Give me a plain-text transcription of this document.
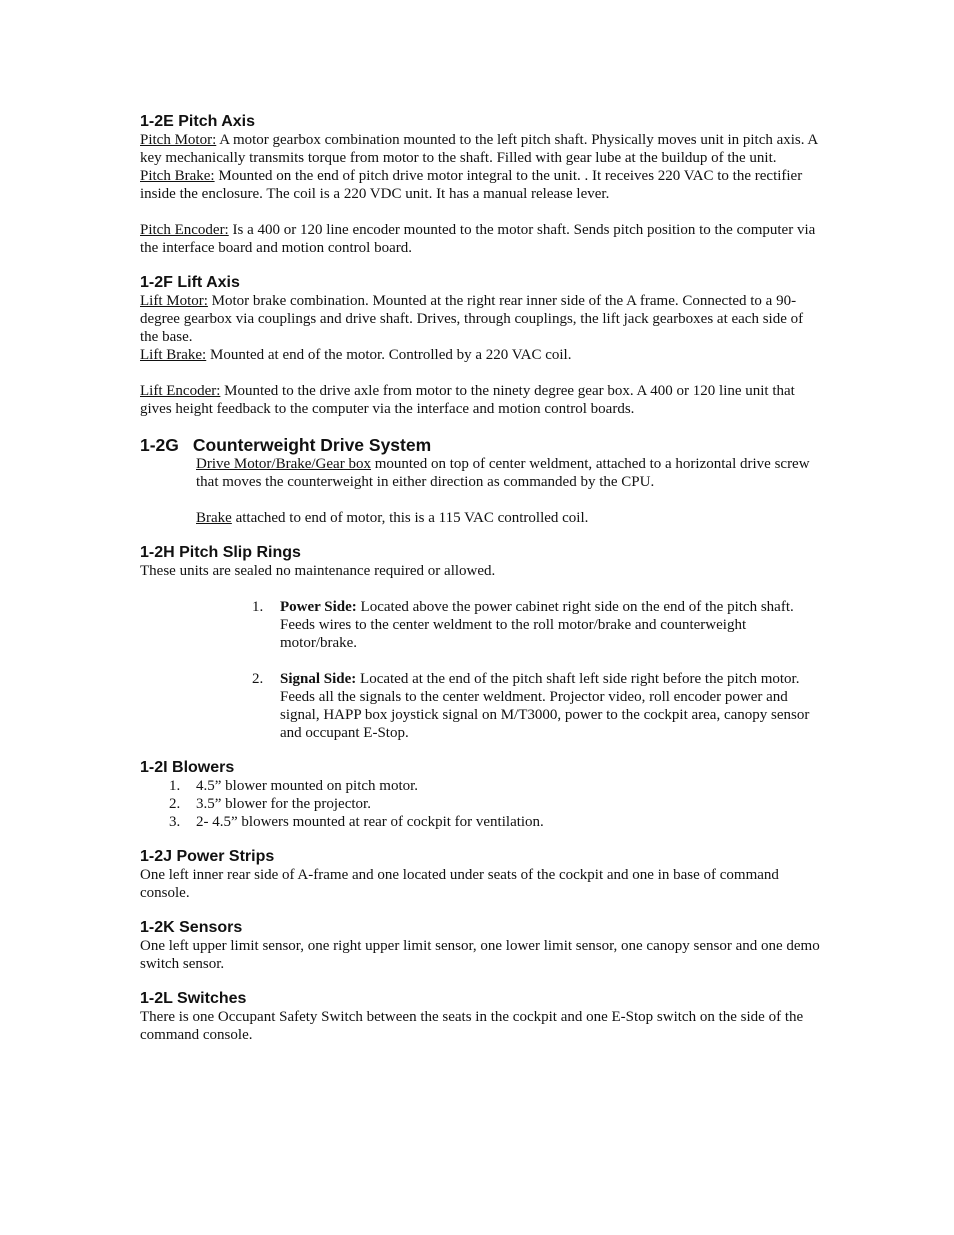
1-2E Pitch Axis

Pitch Motor: A motor gearbox combination mounted to the left pitch shaft. Physically moves unit in pitch axis. A key mechanically transmits torque from motor to the shaft. Filled with gear lube at the buildup of the unit.

Pitch Brake: Mounted on the end of pitch drive motor integral to the unit. . It receives 220 VAC to the rectifier inside the enclosure. The coil is a 220 VDC unit. It has a manual release lever.

Pitch Encoder: Is a 400 or 120 line encoder mounted to the motor shaft. Sends pitch position to the computer via the interface board and motion control board.

1-2F Lift Axis

Lift Motor: Motor brake combination. Mounted at the right rear inner side of the A frame. Connected to a 90-degree gearbox via couplings and drive shaft. Drives, through couplings, the lift jack gearboxes at each side of the base.

Lift Brake: Mounted at end of the motor. Controlled by a 220 VAC coil.

Lift Encoder: Mounted to the drive axle from motor to the ninety degree gear box. A 400 or 120 line unit that gives height feedback to the computer via the interface and motion control boards.

1-2G Counterweight Drive System

Drive Motor/Brake/Gear box mounted on top of center weldment, attached to a horizontal drive screw that moves the counterweight in either direction as commanded by the CPU.

Brake attached to end of motor, this is a 115 VAC controlled coil.

1-2H Pitch Slip Rings

These units are sealed no maintenance required or allowed.

1.	Power Side: Located above the power cabinet right side on the end of the pitch shaft. Feeds wires to the center weldment to the roll motor/brake and counterweight motor/brake.
2.	Signal Side: Located at the end of the pitch shaft left side right before the pitch motor. Feeds all the signals to the center weldment. Projector video, roll encoder power and signal, HAPP box joystick signal on M/T3000, power to the cockpit area, canopy sensor and occupant E-Stop.
1-2I Blowers
1.	4.5” blower mounted on pitch motor.
2.	3.5” blower for the projector.
3.	2- 4.5” blowers mounted at rear of cockpit for ventilation.
1-2J Power Strips

One left inner rear side of A-frame and one located under seats of the cockpit and one in base of command console.

1-2K Sensors

One left upper limit sensor, one right upper limit sensor, one lower limit sensor, one canopy sensor and one demo switch sensor.

1-2L Switches

There is one Occupant Safety Switch between the seats in the cockpit and one E-Stop switch on the side of the command console.
